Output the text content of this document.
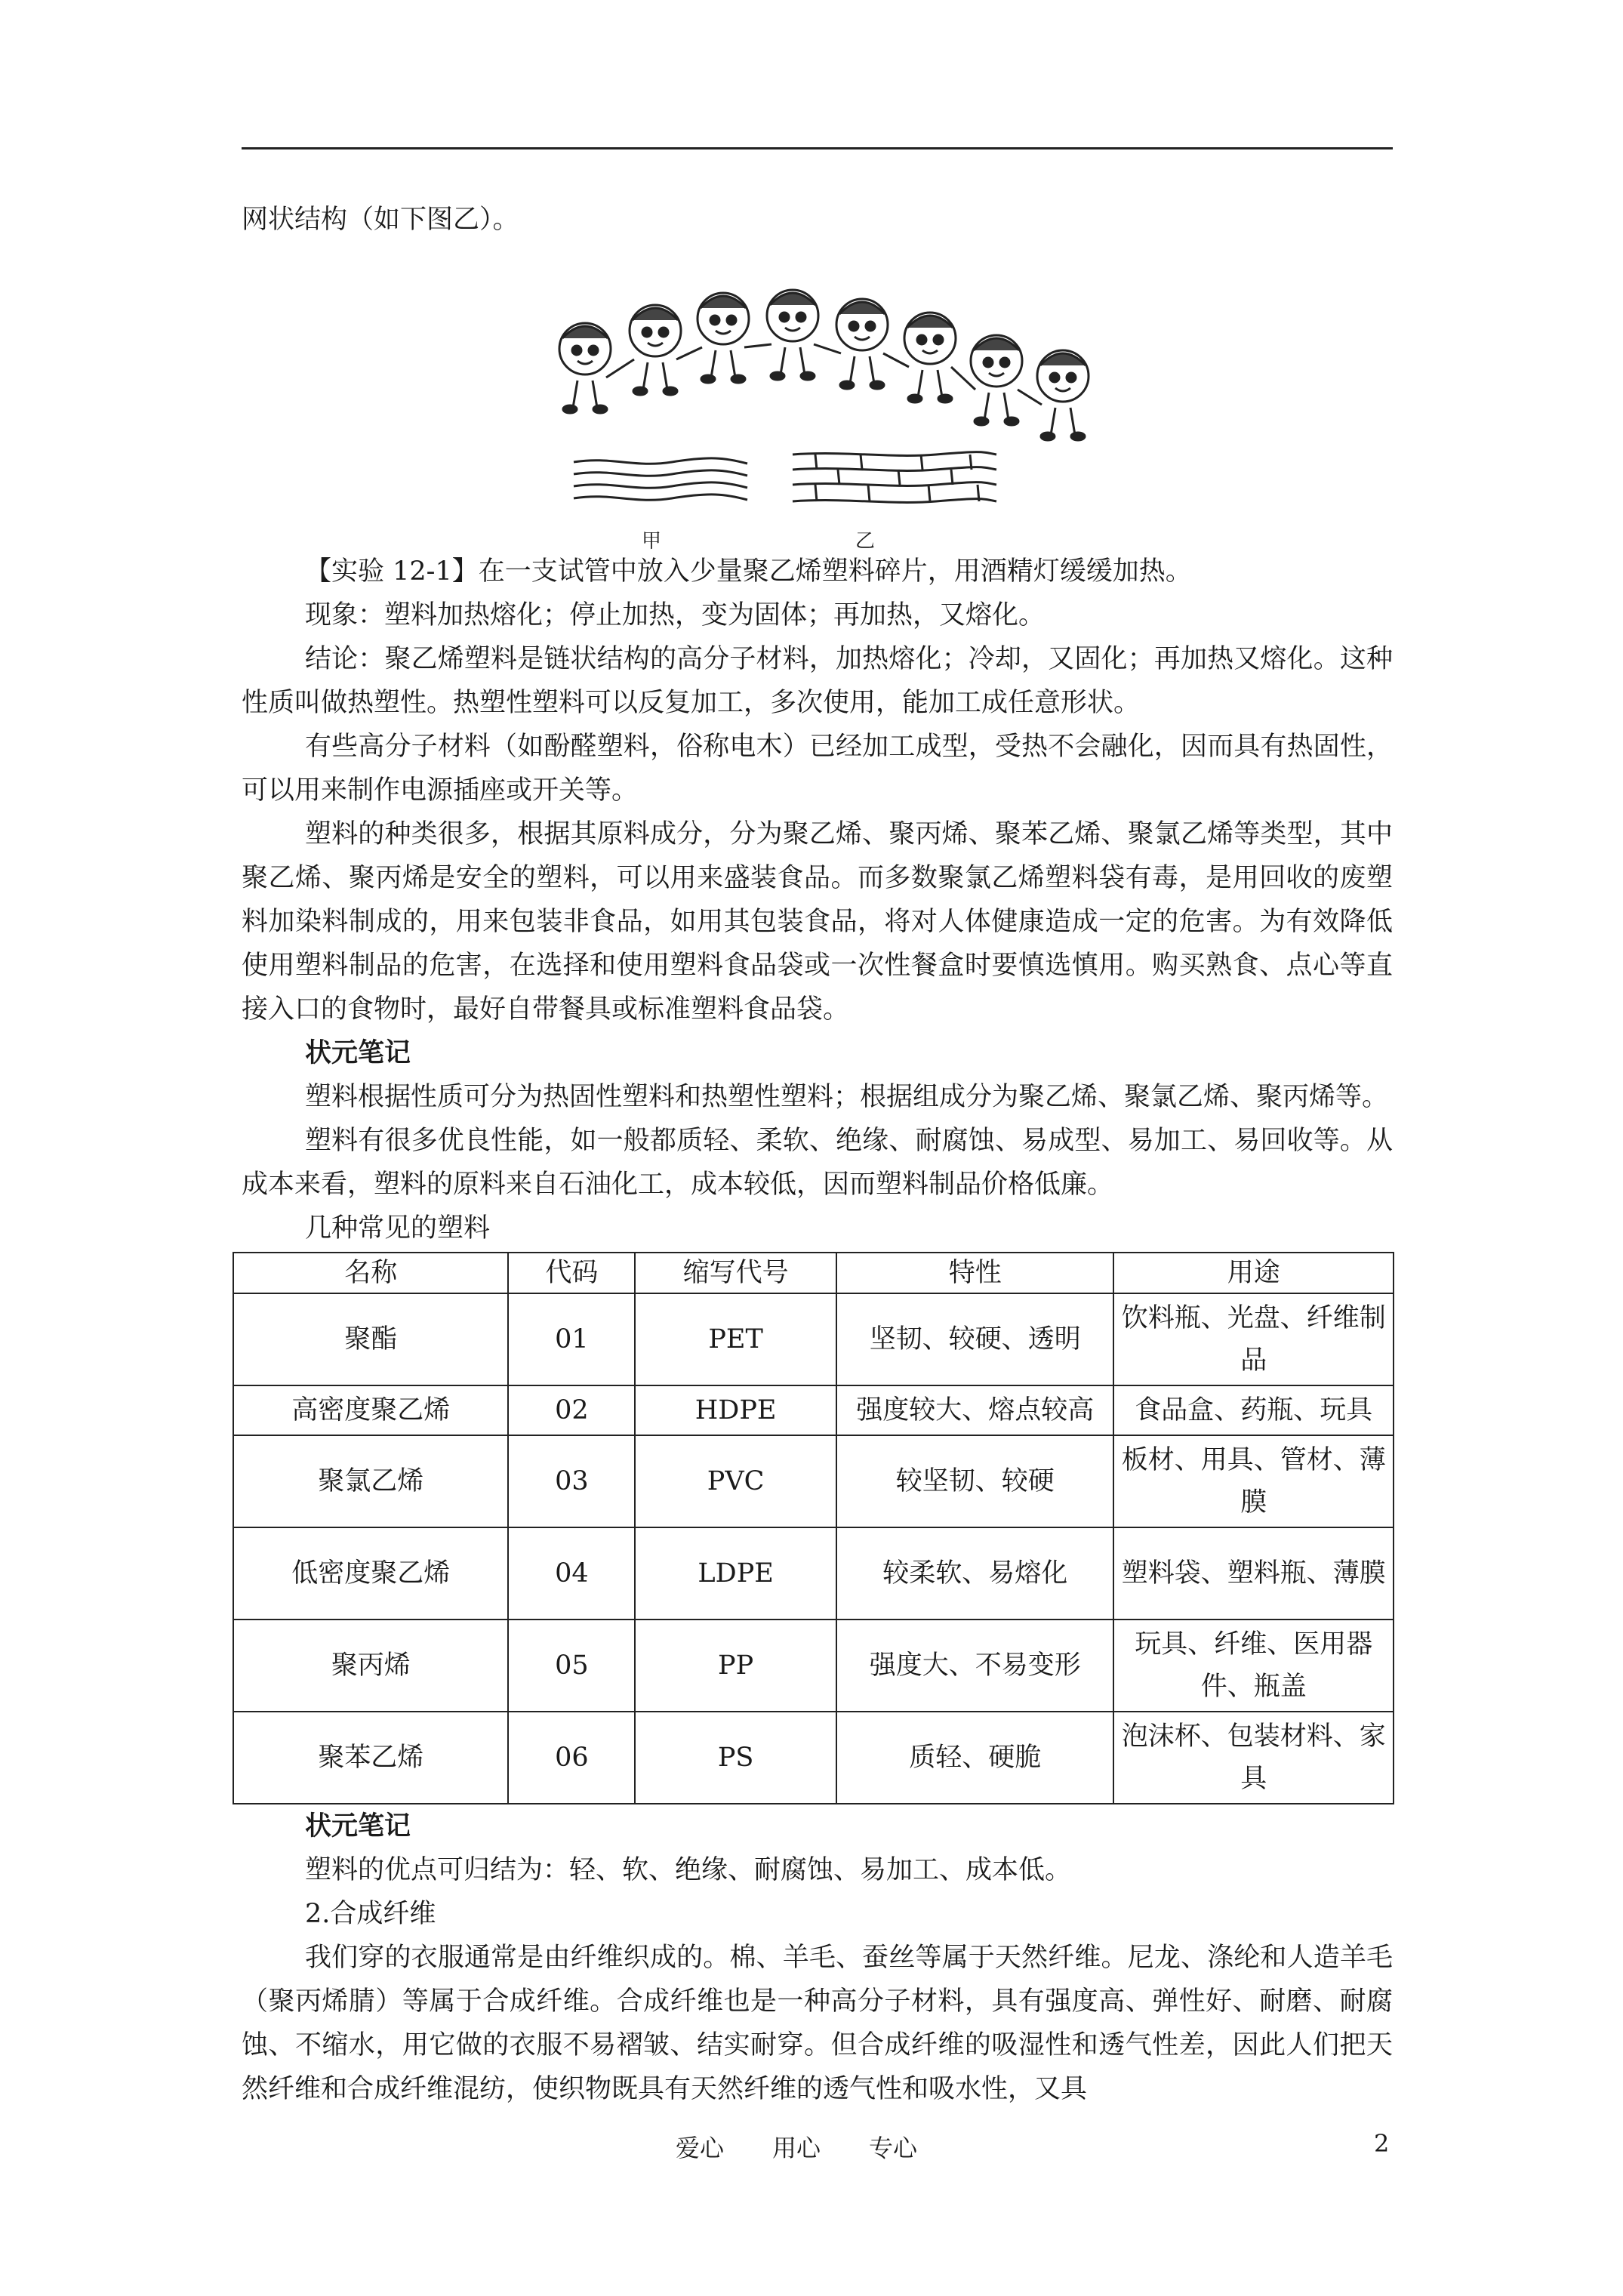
网状结构（如下图乙）。

甲	乙

【实验 12-1】在一支试管中放入少量聚乙烯塑料碎片，用酒精灯缓缓加热。

现象：塑料加热熔化；停止加热，变为固体；再加热，又熔化。

结论：聚乙烯塑料是链状结构的高分子材料，加热熔化；冷却，又固化；再加热又熔化。这种性质叫做热塑性。热塑性塑料可以反复加工，多次使用，能加工成任意形状。

有些高分子材料（如酚醛塑料，俗称电木）已经加工成型，受热不会融化，因而具有热固性，可以用来制作电源插座或开关等。

塑料的种类很多，根据其原料成分，分为聚乙烯、聚丙烯、聚苯乙烯、聚氯乙烯等类型，其中聚乙烯、聚丙烯是安全的塑料，可以用来盛装食品。而多数聚氯乙烯塑料袋有毒，是用回收的废塑料加染料制成的，用来包装非食品，如用其包装食品，将对人体健康造成一定的危害。为有效降低使用塑料制品的危害，在选择和使用塑料食品袋或一次性餐盒时要慎选慎用。购买熟食、点心等直接入口的食物时，最好自带餐具或标准塑料食品袋。

状元笔记

塑料根据性质可分为热固性塑料和热塑性塑料；根据组成分为聚乙烯、聚氯乙烯、聚丙烯等。

塑料有很多优良性能，如一般都质轻、柔软、绝缘、耐腐蚀、易成型、易加工、易回收等。从成本来看，塑料的原料来自石油化工，成本较低，因而塑料制品价格低廉。

几种常见的塑料

名称	代码	缩写代号	特性	用途
聚酯	01	PET	坚韧、较硬、透明	饮料瓶、光盘、纤维制品
高密度聚乙烯	02	HDPE	强度较大、熔点较高	食品盒、药瓶、玩具
聚氯乙烯	03	PVC	较坚韧、较硬	板材、用具、管材、薄膜
低密度聚乙烯	04	LDPE	较柔软、易熔化	塑料袋、塑料瓶、薄膜
聚丙烯	05	PP	强度大、不易变形	玩具、纤维、医用器件、瓶盖
聚苯乙烯	06	PS	质轻、硬脆	泡沫杯、包装材料、家具

状元笔记

塑料的优点可归结为：轻、软、绝缘、耐腐蚀、易加工、成本低。

2.合成纤维

我们穿的衣服通常是由纤维织成的。棉、羊毛、蚕丝等属于天然纤维。尼龙、涤纶和人造羊毛（聚丙烯腈）等属于合成纤维。合成纤维也是一种高分子材料，具有强度高、弹性好、耐磨、耐腐蚀、不缩水，用它做的衣服不易褶皱、结实耐穿。但合成纤维的吸湿性和透气性差，因此人们把天然纤维和合成纤维混纺，使织物既具有天然纤维的透气性和吸水性，又具

爱心　　用心　　专心	2
